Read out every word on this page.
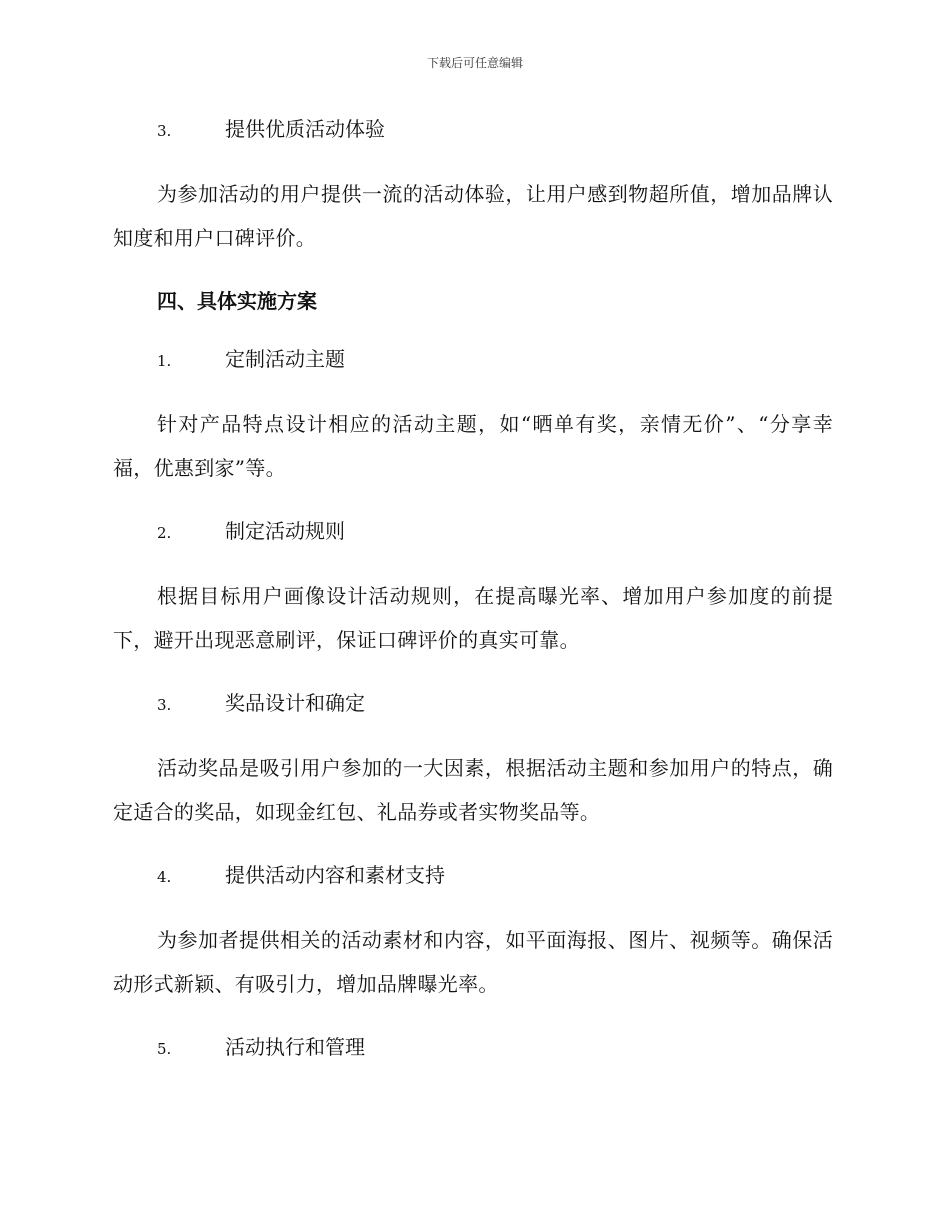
下载后可任意编辑
3.	提供优质活动体验

为参加活动的用户提供一流的活动体验，让用户感到物超所值，增加品牌认知度和用户口碑评价。

四、具体实施方案
1.	定制活动主题

针对产品特点设计相应的活动主题，如“晒单有奖，亲情无价”、“分享幸福，优惠到家”等。

2.	制定活动规则

根据目标用户画像设计活动规则，在提高曝光率、增加用户参加度的前提下，避开出现恶意刷评，保证口碑评价的真实可靠。

3.	奖品设计和确定

活动奖品是吸引用户参加的一大因素，根据活动主题和参加用户的特点，确定适合的奖品，如现金红包、礼品券或者实物奖品等。

4.	提供活动内容和素材支持

为参加者提供相关的活动素材和内容，如平面海报、图片、视频等。确保活动形式新颖、有吸引力，增加品牌曝光率。

5.	活动执行和管理
